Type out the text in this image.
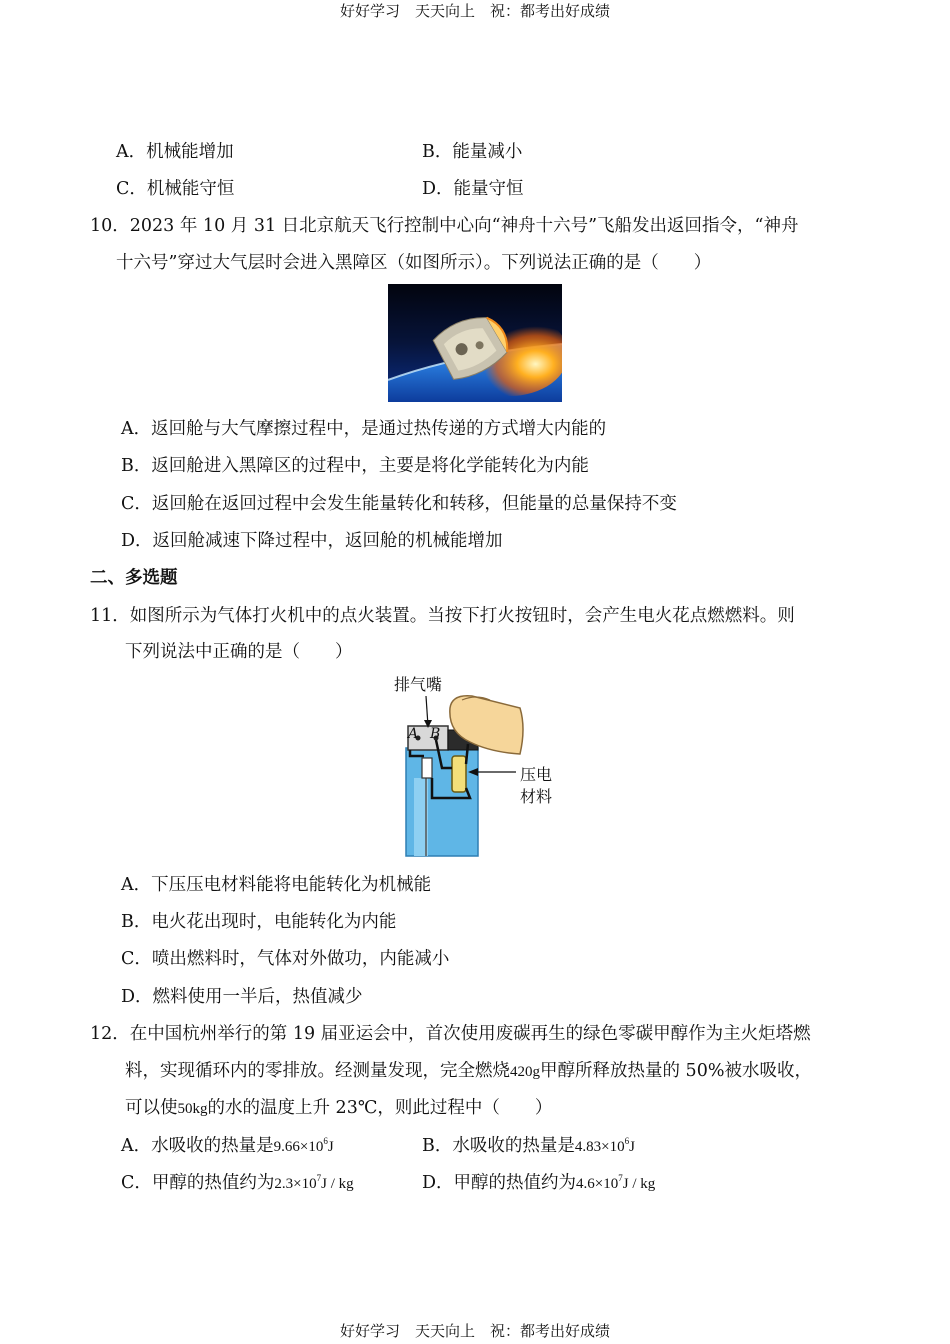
好好学习　天天向上　祝：都考出好成绩
A．机械能增加	B．能量减小
C．机械能守恒	D．能量守恒
10．2023 年 10 月 31 日北京航天飞行控制中心向“神舟十六号”飞船发出返回指令，“神舟
十六号”穿过大气层时会进入黑障区（如图所示）。下列说法正确的是（　　）
A．返回舱与大气摩擦过程中，是通过热传递的方式增大内能的
B．返回舱进入黑障区的过程中，主要是将化学能转化为内能
C．返回舱在返回过程中会发生能量转化和转移，但能量的总量保持不变
D．返回舱减速下降过程中，返回舱的机械能增加
二、多选题
11．如图所示为气体打火机中的点火装置。当按下打火按钮时，会产生电火花点燃燃料。则
下列说法中正确的是（　　）
排气嘴
A B
压电
材料
A．下压压电材料能将电能转化为机械能
B．电火花出现时，电能转化为内能
C．喷出燃料时，气体对外做功，内能减小
D．燃料使用一半后，热值减少
12．在中国杭州举行的第 19 届亚运会中，首次使用废碳再生的绿色零碳甲醇作为主火炬塔燃
料，实现循环内的零排放。经测量发现，完全燃烧420g甲醇所释放热量的 50%被水吸收，
可以使50kg的水的温度上升 23℃，则此过程中（　　）
A．水吸收的热量是$9.66\times 10^6J$	B．水吸收的热量是$4.83\times 10^6J$
C．甲醇的热值约为$2.3\times 10^7J$ / kg	D．甲醇的热值约为$4.6\times 10^7J$ / kg
好好学习　天天向上　祝：都考出好成绩
